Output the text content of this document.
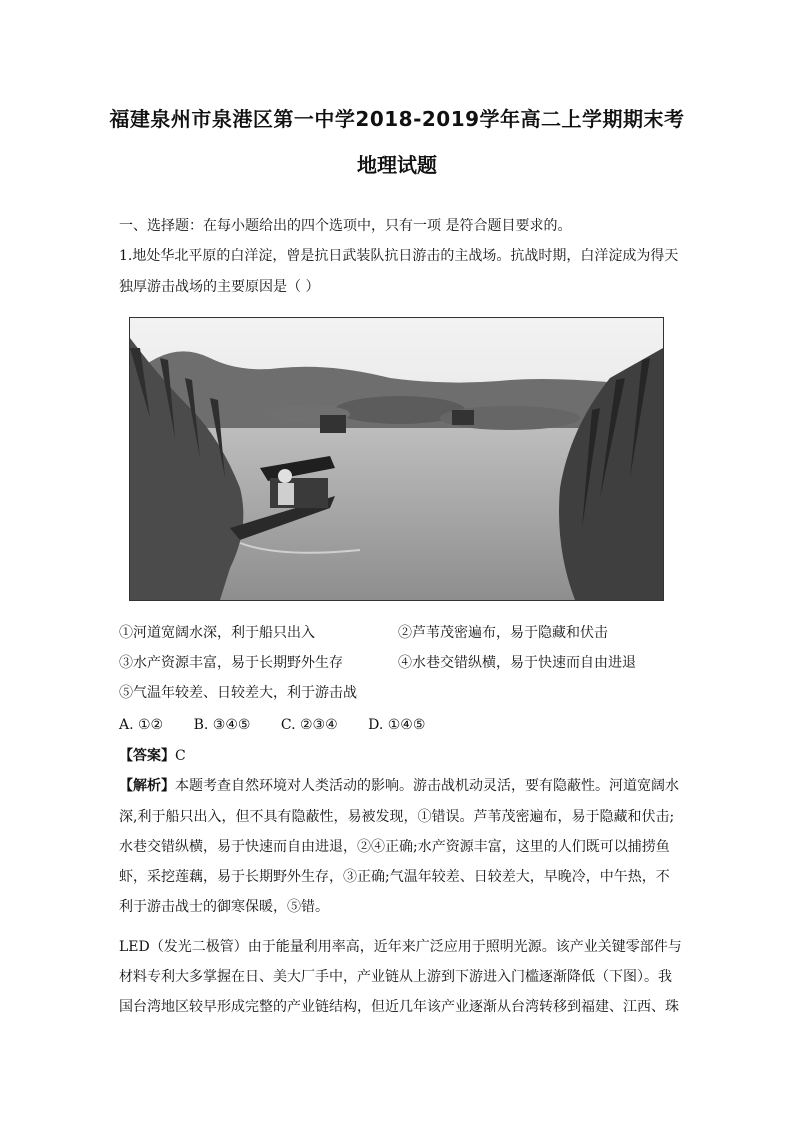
福建泉州市泉港区第一中学2018-2019学年高二上学期期末考
地理试题
一、选择题：在每小题给出的四个选项中，只有一项 是符合题目要求的。
1.地处华北平原的白洋淀，曾是抗日武装队抗日游击的主战场。抗战时期，白洋淀成为得天
独厚游击战场的主要原因是（ ）
①河道宽阔水深，利于船只出入	②芦苇茂密遍布，易于隐藏和伏击
③水产资源丰富，易于长期野外生存	④水巷交错纵横，易于快速而自由进退
⑤气温年较差、日较差大，利于游击战
A. ①② B. ③④⑤ C. ②③④ D. ①④⑤
【答案】C
【解析】本题考查自然环境对人类活动的影响。游击战机动灵活，要有隐蔽性。河道宽阔水
深,利于船只出入，但不具有隐蔽性，易被发现，①错误。芦苇茂密遍布，易于隐藏和伏击;
水巷交错纵横，易于快速而自由进退，②④正确;水产资源丰富，这里的人们既可以捕捞鱼
虾，采挖莲藕，易于长期野外生存，③正确;气温年较差、日较差大，早晚冷，中午热，不
利于游击战士的御寒保暖，⑤错。
LED（发光二极管）由于能量利用率高，近年来广泛应用于照明光源。该产业关键零部件与
材料专利大多掌握在日、美大厂手中，产业链从上游到下游进入门槛逐渐降低（下图）。我
国台湾地区较早形成完整的产业链结构，但近几年该产业逐渐从台湾转移到福建、江西、珠
